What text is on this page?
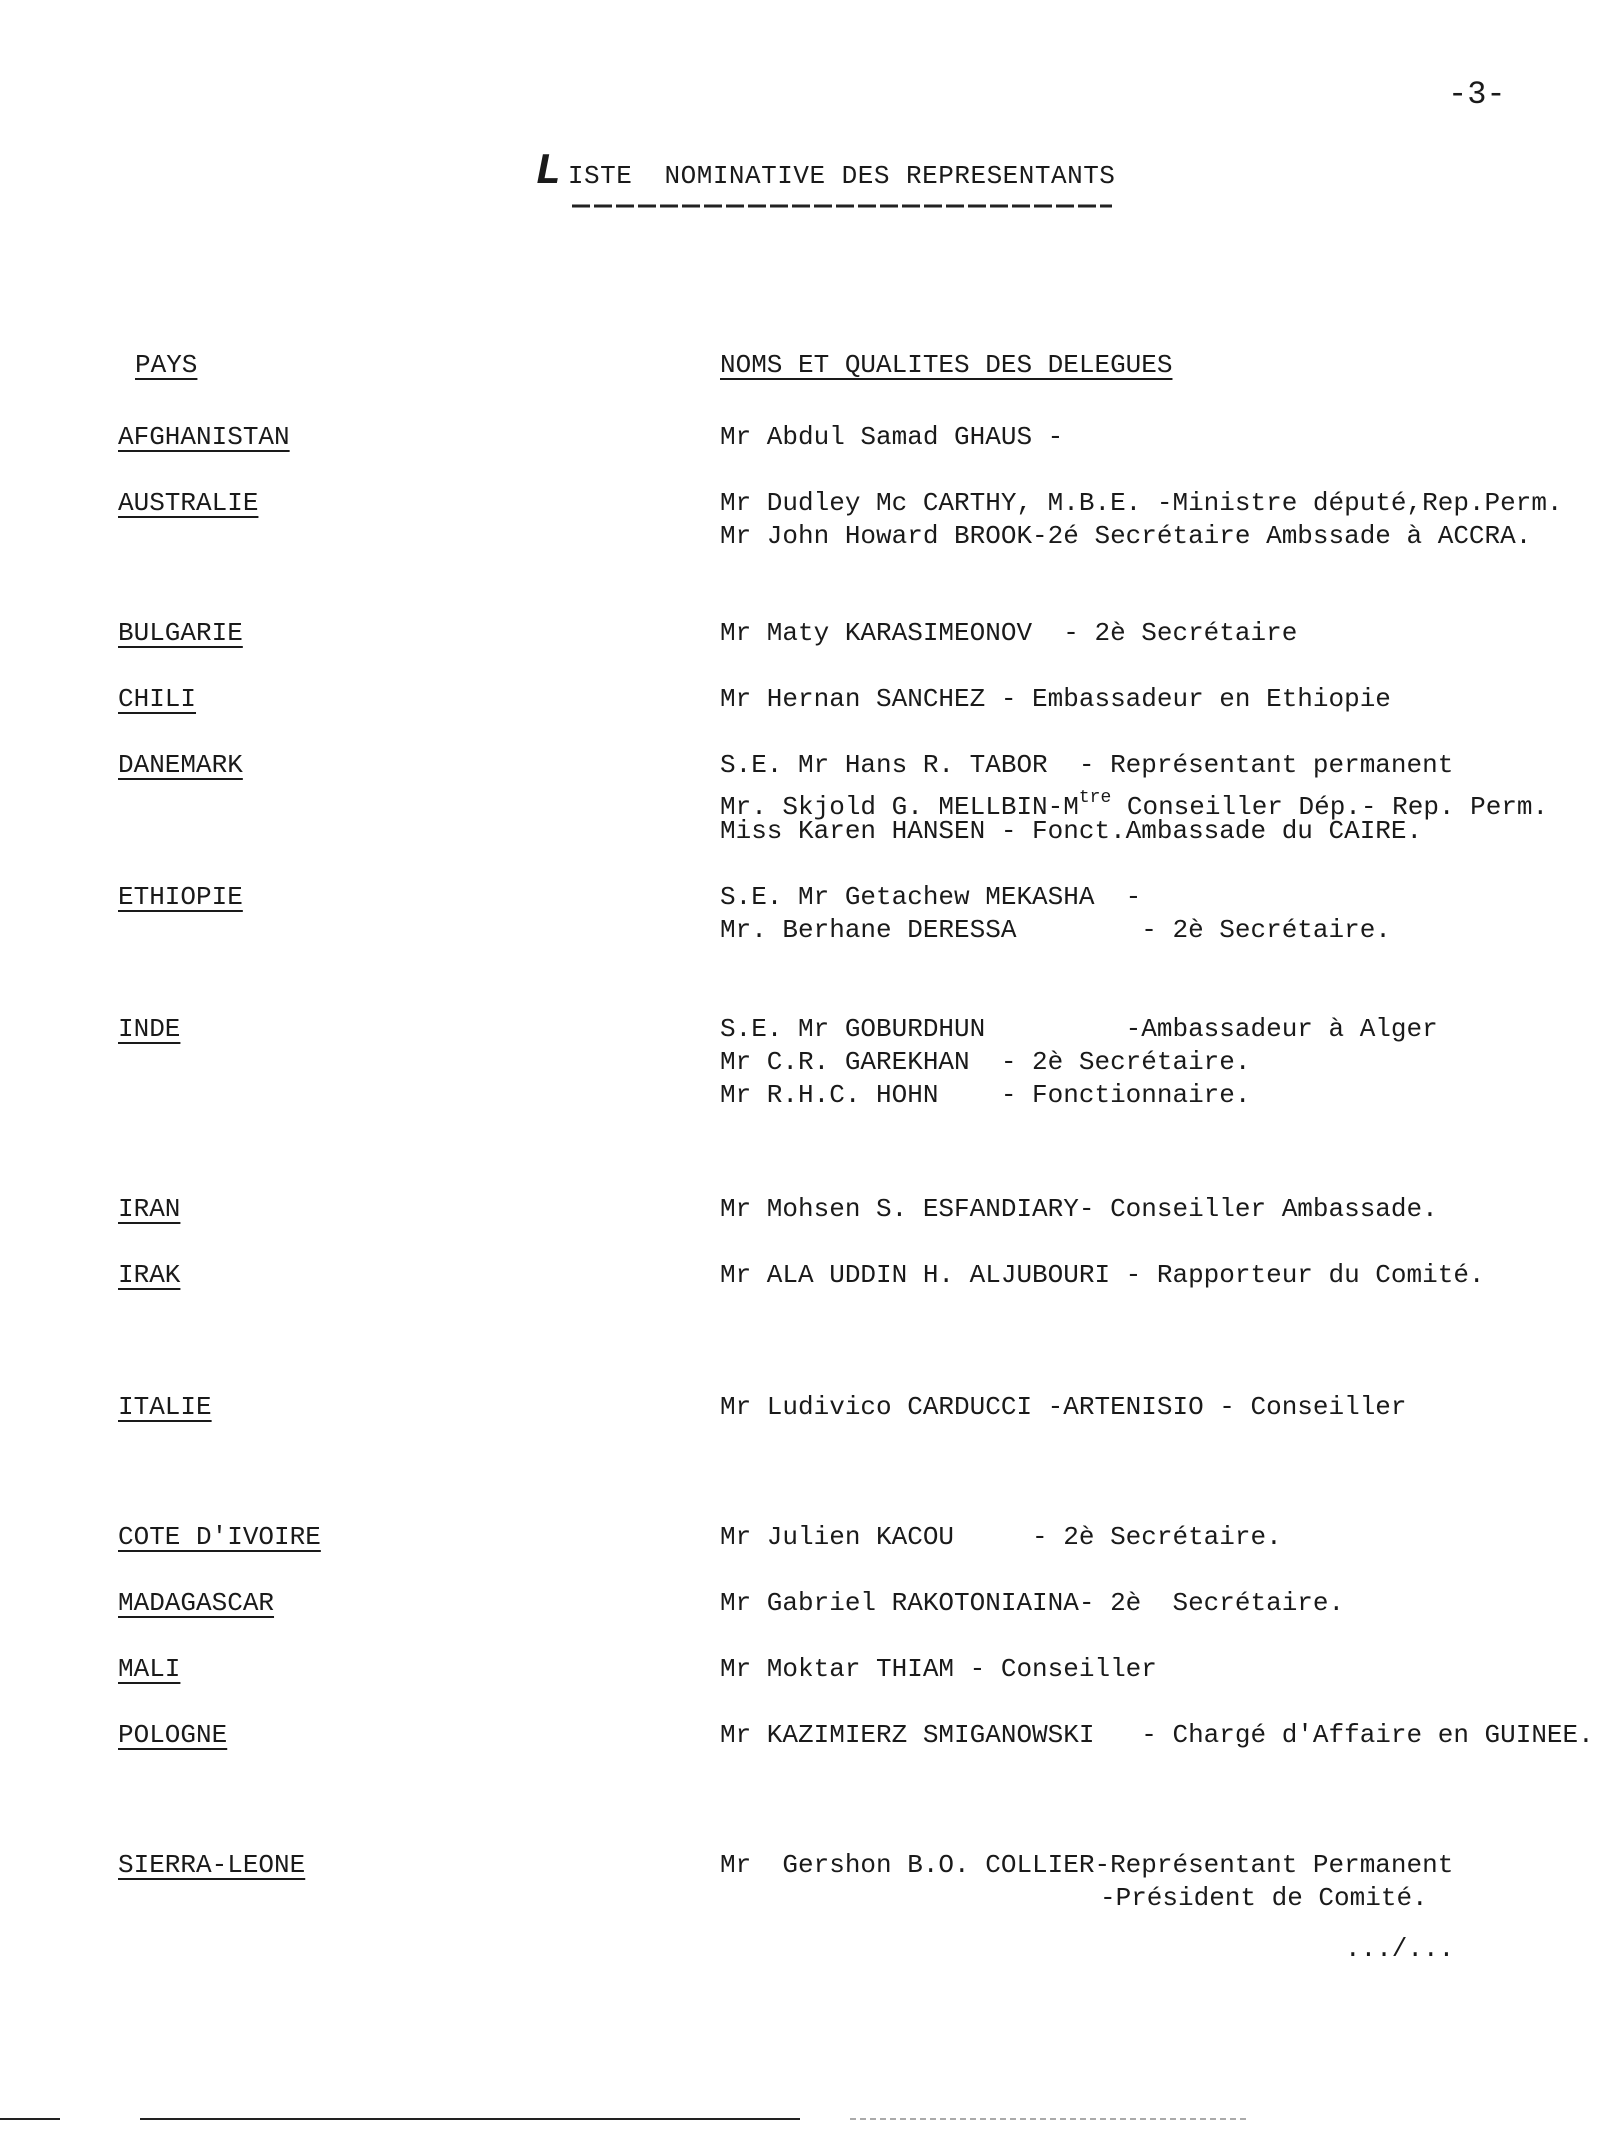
-3-
LISTE  NOMINATIVE DES REPRESENTANTS
PAYS	NOMS ET QUALITES DES DELEGUES
AFGHANISTAN	Mr Abdul Samad GHAUS -
AUSTRALIE	Mr Dudley Mc CARTHY, M.B.E. -Ministre député,Rep.Perm.
Mr John Howard BROOK-2é Secrétaire Ambssade à ACCRA.
BULGARIE	Mr Maty KARASIMEONOV  - 2è Secrétaire
CHILI	Mr Hernan SANCHEZ - Embassadeur en Ethiopie
DANEMARK	S.E. Mr Hans R. TABOR  - Représentant permanent
Mr. Skjold G. MELLBIN-$M^{tre}$ Conseiller Dép.- Rep. Perm.
Miss Karen HANSEN - Fonct.Ambassade du CAIRE.
ETHIOPIE	S.E. Mr Getachew MEKASHA  -
Mr. Berhane DERESSA        - 2è Secrétaire.
INDE	S.E. Mr GOBURDHUN         -Ambassadeur à Alger
Mr C.R. GAREKHAN  - 2è Secrétaire.
Mr R.H.C. HOHN    - Fonctionnaire.
IRAN	Mr Mohsen S. ESFANDIARY- Conseiller Ambassade.
IRAK	Mr ALA UDDIN H. ALJUBOURI - Rapporteur du Comité.
ITALIE	Mr Ludivico CARDUCCI -ARTENISIO - Conseiller
COTE D'IVOIRE	Mr Julien KACOU     - 2è Secrétaire.
MADAGASCAR	Mr Gabriel RAKOTONIAINA- 2è  Secrétaire.
MALI	Mr Moktar THIAM - Conseiller
POLOGNE	Mr KAZIMIERZ SMIGANOWSKI   - Chargé d'Affaire en GUINEE.
SIERRA-LEONE	Mr  Gershon B.O. COLLIER-Représentant Permanent
-Président de Comité.
.../...
